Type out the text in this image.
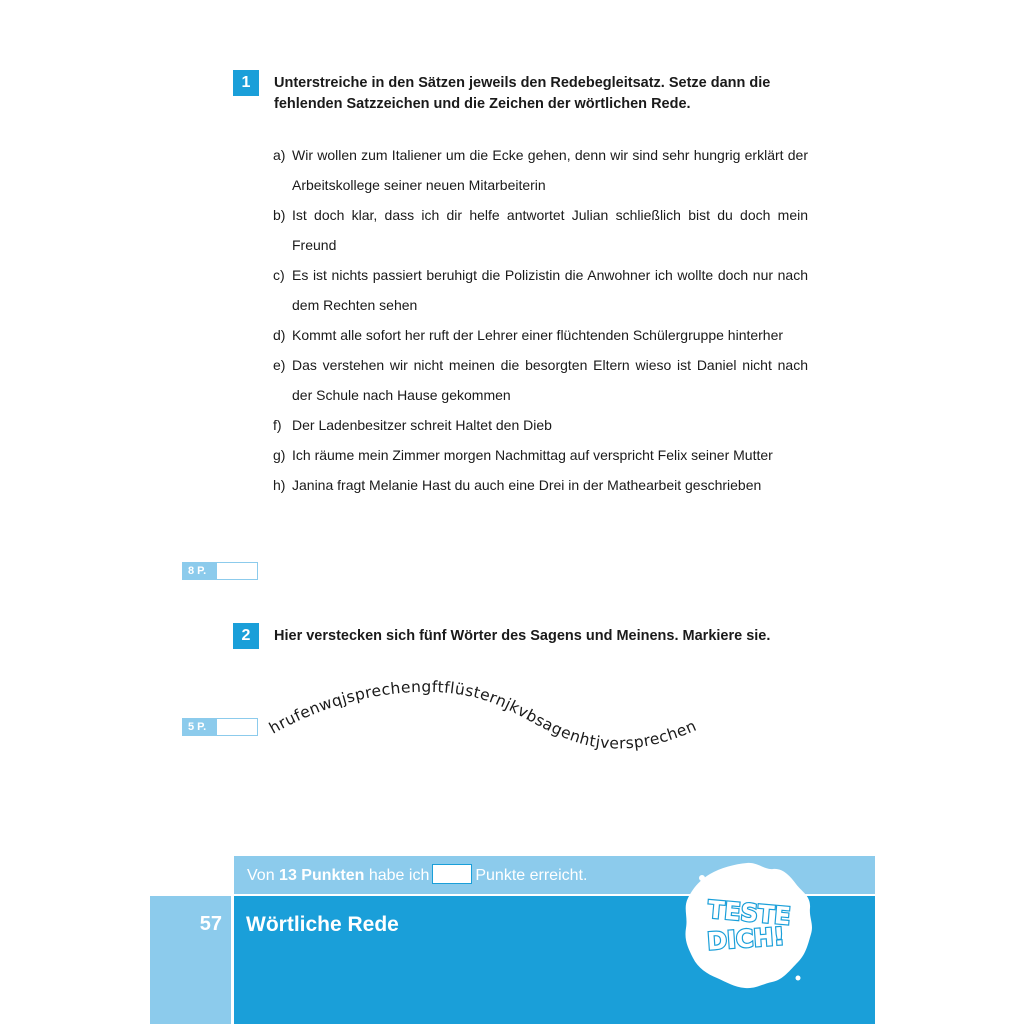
1	Unterstreiche in den Sätzen jeweils den Redebegleitsatz. Setze dann die
fehlenden Satzzeichen und die Zeichen der wörtlichen Rede.
a) Wir wollen zum Italiener um die Ecke gehen, denn wir sind sehr hungrig erklärt der Arbeitskollege seiner neuen Mitarbeiterin
b) Ist doch klar, dass ich dir helfe antwortet Julian schließlich bist du doch mein Freund
c) Es ist nichts passiert beruhigt die Polizistin die Anwohner ich wollte doch nur nach dem Rechten sehen
d) Kommt alle sofort her ruft der Lehrer einer flüchtenden Schülergruppe hinterher
e) Das verstehen wir nicht meinen die besorgten Eltern wieso ist Daniel nicht nach der Schule nach Hause gekommen
f) Der Ladenbesitzer schreit Haltet den Dieb
g) Ich räume mein Zimmer morgen Nachmittag auf verspricht Felix seiner Mutter
h) Janina fragt Melanie Hast du auch eine Drei in der Mathearbeit geschrieben
8 P.
2	Hier verstecken sich fünf Wörter des Sagens und Meinens. Markiere sie.
5 P.	hrufenwqjsprechengftflüsternjkvbsagenhtjversprechen
Von 13 Punkten habe ich	Punkte erreicht.
57 Wörtliche Rede	TESTE
DICH!
